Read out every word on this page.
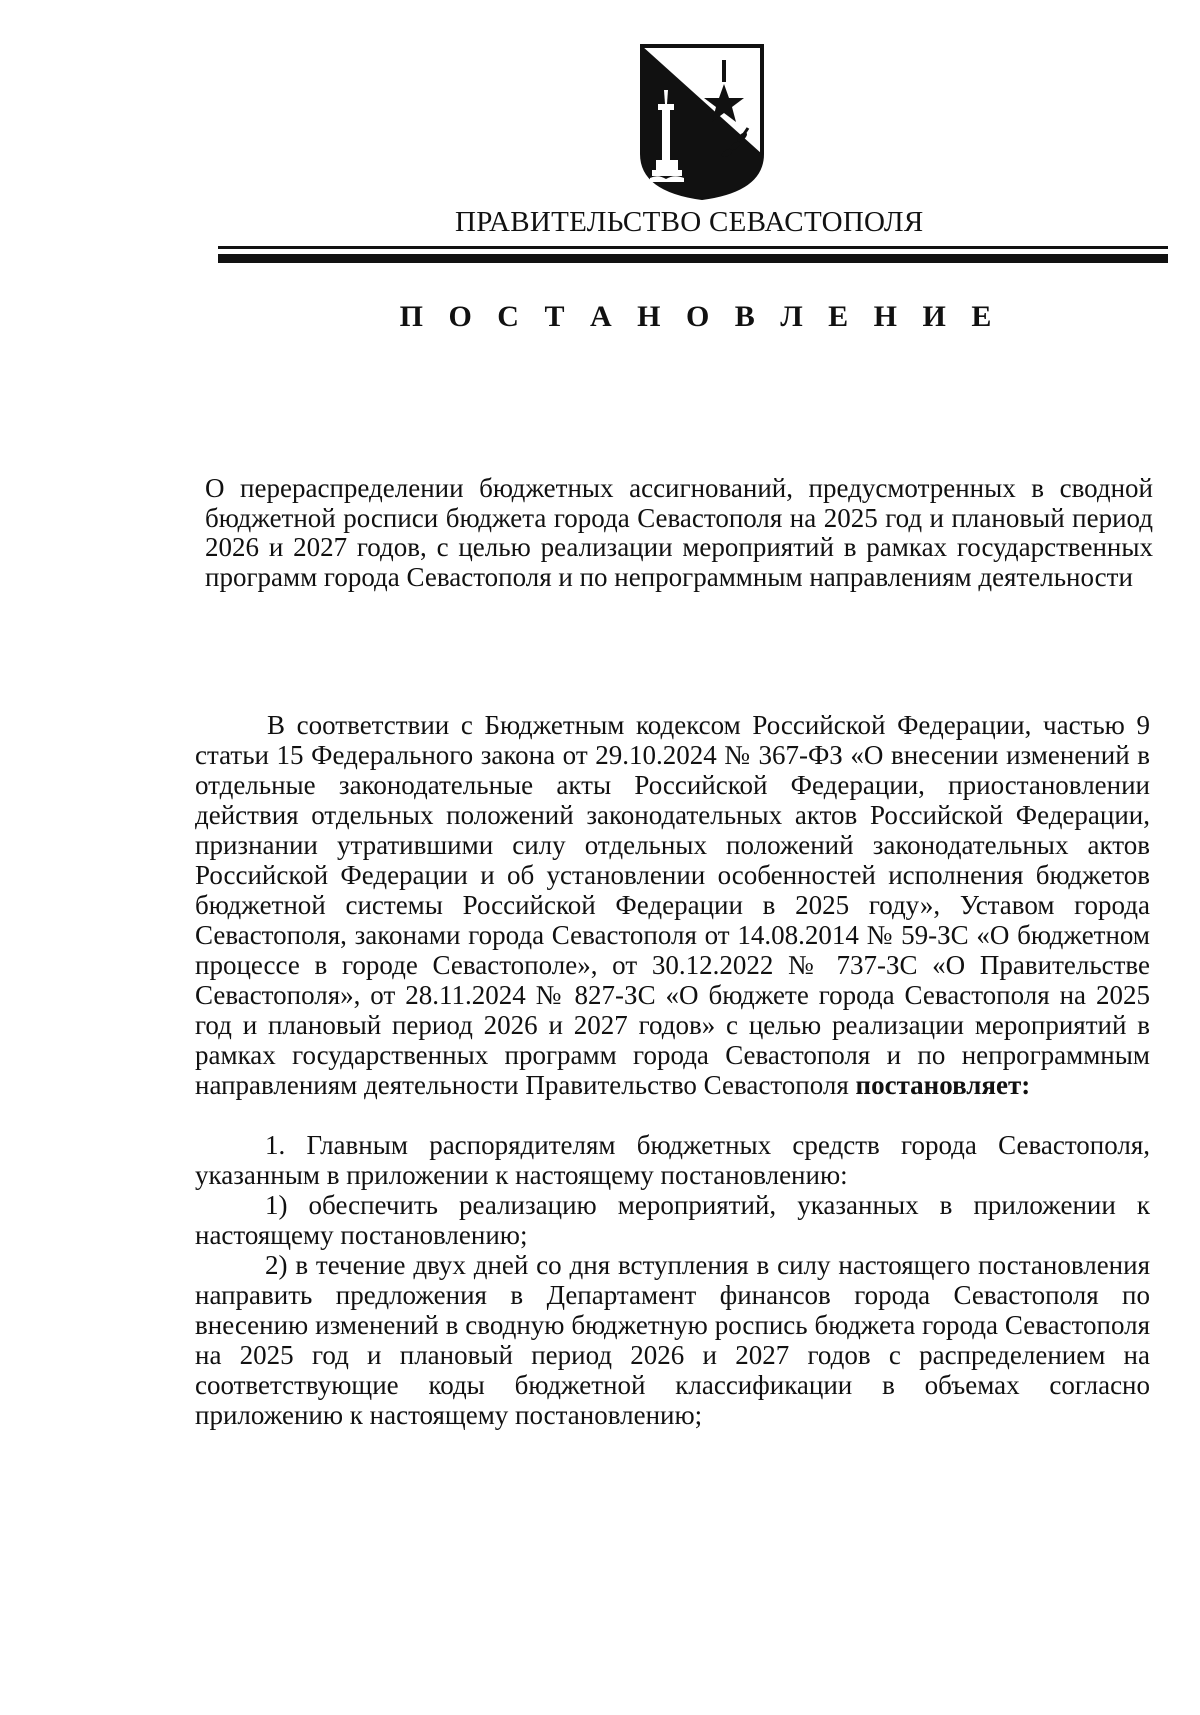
ПРАВИТЕЛЬСТВО СЕВАСТОПОЛЯ
П О С Т А Н О В Л Е Н И Е
О перераспределении бюджетных ассигнований, предусмотренных в сводной бюджетной росписи бюджета города Севастополя на 2025 год и плановый период 2026 и 2027 годов, с целью реализации мероприятий в рамках государственных программ города Севастополя и по непрограммным направлениям деятельности

В соответствии с Бюджетным кодексом Российской Федерации, частью 9 статьи 15 Федерального закона от 29.10.2024 № 367-ФЗ «О внесении изменений в отдельные законодательные акты Российской Федерации, приостановлении действия отдельных положений законодательных актов Российской Федерации, признании утратившими силу отдельных положений законодательных актов Российской Федерации и об установлении особенностей исполнения бюджетов бюджетной системы Российской Федерации в 2025 году», Уставом города Севастополя, законами города Севастополя от 14.08.2014 № 59-ЗС «О бюджетном процессе в городе Севастополе», от 30.12.2022 № 737-ЗС «О Правительстве Севастополя», от 28.11.2024 № 827-ЗС «О бюджете города Севастополя на 2025 год и плановый период 2026 и 2027 годов» с целью реализации мероприятий в рамках государственных программ города Севастополя и по непрограммным направлениям деятельности Правительство Севастополя постановляет:

1. Главным распорядителям бюджетных средств города Севастополя, указанным в приложении к настоящему постановлению:

1) обеспечить реализацию мероприятий, указанных в приложении к настоящему постановлению;

2) в течение двух дней со дня вступления в силу настоящего постановления направить предложения в Департамент финансов города Севастополя по внесению изменений в сводную бюджетную роспись бюджета города Севастополя на 2025 год и плановый период 2026 и 2027 годов с распределением на соответствующие коды бюджетной классификации в объемах согласно приложению к настоящему постановлению;
